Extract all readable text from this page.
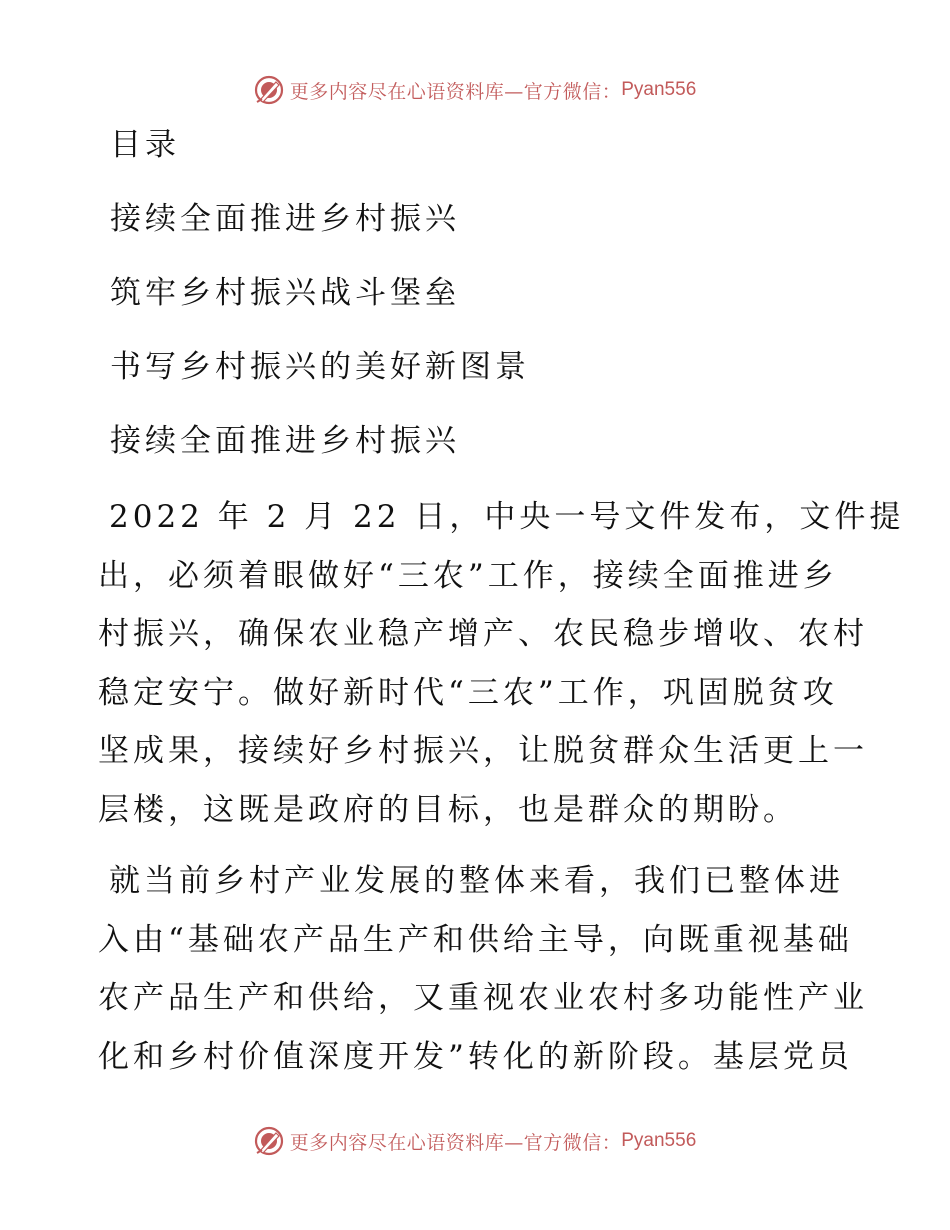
更多内容尽在心语资料库—官方微信： Pyan556
目录
接续全面推进乡村振兴
筑牢乡村振兴战斗堡垒
书写乡村振兴的美好新图景
接续全面推进乡村振兴
2022 年 2 月 22 日，中央一号文件发布，文件提
出，必须着眼做好“三农”工作，接续全面推进乡
村振兴，确保农业稳产增产、农民稳步增收、农村
稳定安宁。做好新时代“三农”工作，巩固脱贫攻
坚成果，接续好乡村振兴，让脱贫群众生活更上一
层楼，这既是政府的目标，也是群众的期盼。
就当前乡村产业发展的整体来看，我们已整体进
入由“基础农产品生产和供给主导，向既重视基础
农产品生产和供给，又重视农业农村多功能性产业
化和乡村价值深度开发”转化的新阶段。基层党员
更多内容尽在心语资料库—官方微信： Pyan556
